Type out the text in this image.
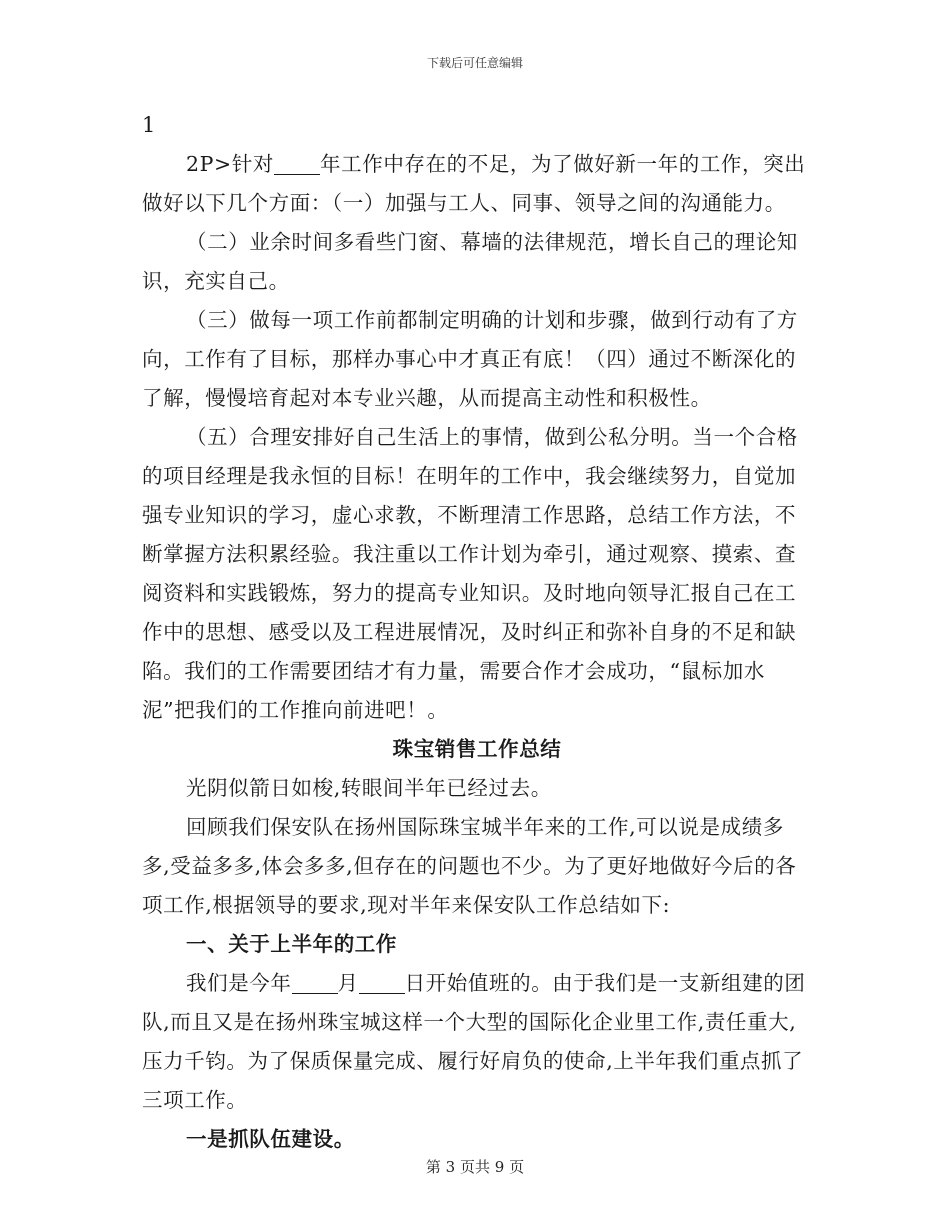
下载后可任意编辑

1

2P>针对 年工作中存在的不足，为了做好新一年的工作，突出做好以下几个方面：（一）加强与工人、同事、领导之间的沟通能力。

（二）业余时间多看些门窗、幕墙的法律规范，增长自己的理论知识，充实自己。

（三）做每一项工作前都制定明确的计划和步骤，做到行动有了方向，工作有了目标，那样办事心中才真正有底！（四）通过不断深化的了解，慢慢培育起对本专业兴趣，从而提高主动性和积极性。

（五）合理安排好自己生活上的事情，做到公私分明。当一个合格的项目经理是我永恒的目标！在明年的工作中，我会继续努力，自觉加强专业知识的学习，虚心求教，不断理清工作思路，总结工作方法，不断掌握方法积累经验。我注重以工作计划为牵引，通过观察、摸索、查阅资料和实践锻炼，努力的提高专业知识。及时地向领导汇报自己在工作中的思想、感受以及工程进展情况，及时纠正和弥补自身的不足和缺陷。我们的工作需要团结才有力量，需要合作才会成功，“鼠标加水泥”把我们的工作推向前进吧！。

珠宝销售工作总结

光阴似箭日如梭,转眼间半年已经过去。

回顾我们保安队在扬州国际珠宝城半年来的工作,可以说是成绩多多,受益多多,体会多多,但存在的问题也不少。为了更好地做好今后的各项工作,根据领导的要求,现对半年来保安队工作总结如下:

一、关于上半年的工作

我们是今年 月 日开始值班的。由于我们是一支新组建的团队,而且又是在扬州珠宝城这样一个大型的国际化企业里工作,责任重大,压力千钧。为了保质保量完成、履行好肩负的使命,上半年我们重点抓了三项工作。

一是抓队伍建设。

第 3 页共 9 页
